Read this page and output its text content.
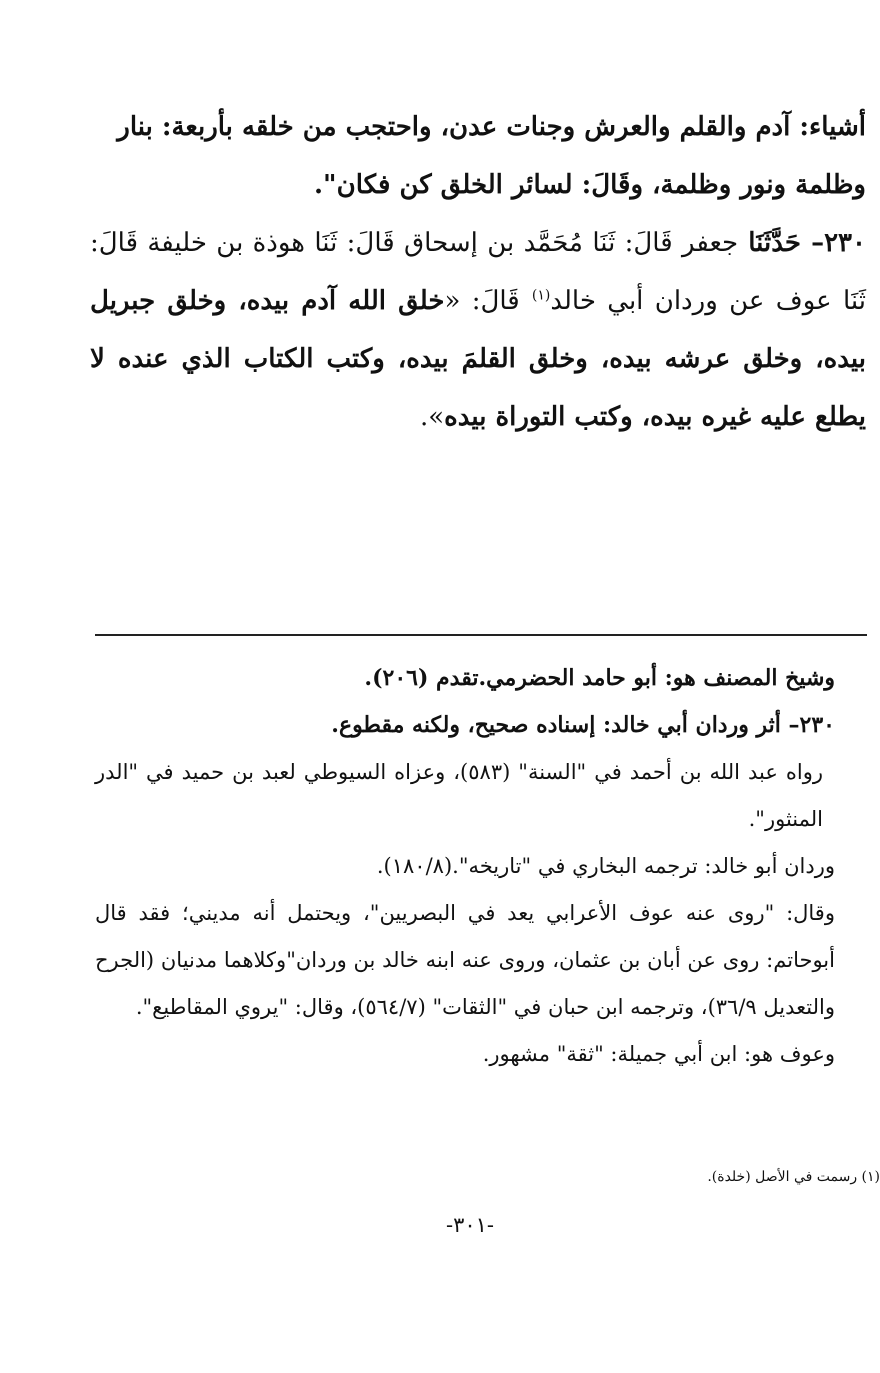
أشياء: آدم والقلم والعرش وجنات عدن، واحتجب من خلقه بأربعة: بنار

وظلمة ونور وظلمة، وقَالَ: لسائر الخلق كن فكان".

٢٣٠– حَدَّثَنَا جعفر قَالَ: ثَنَا مُحَمَّد بن إسحاق قَالَ: ثَنَا هوذة بن خليفة قَالَ: ثَنَا عوف عن وردان أبي خالد$^{(١)}$ قَالَ: «خلق الله آدم بيده، وخلق جبريل بيده، وخلق عرشه بيده، وخلق القلمَ بيده، وكتب الكتاب الذي عنده لا يطلع عليه غيره بيده، وكتب التوراة بيده».

وشيخ المصنف هو: أبو حامد الحضرمي.تقدم (٢٠٦).

٢٣٠– أثر وردان أبي خالد: إسناده صحيح، ولكنه مقطوع.

رواه عبد الله بن أحمد في "السنة" (٥٨٣)، وعزاه السيوطي لعبد بن حميد في "الدر المنثور".

وردان أبو خالد: ترجمه البخاري في "تاريخه".(١٨٠/٨).

وقال: "روى عنه عوف الأعرابي يعد في البصريين"، ويحتمل أنه مديني؛ فقد قال أبوحاتم: روى عن أبان بن عثمان، وروى عنه ابنه خالد بن وردان"وكلاهما مدنيان (الجرح والتعديل ٣٦/٩)، وترجمه ابن حبان في "الثقات" (٥٦٤/٧)، وقال: "يروي المقاطيع".

وعوف هو: ابن أبي جميلة: "ثقة" مشهور.

(١) رسمت في الأصل (خلدة).
-٣٠١-
